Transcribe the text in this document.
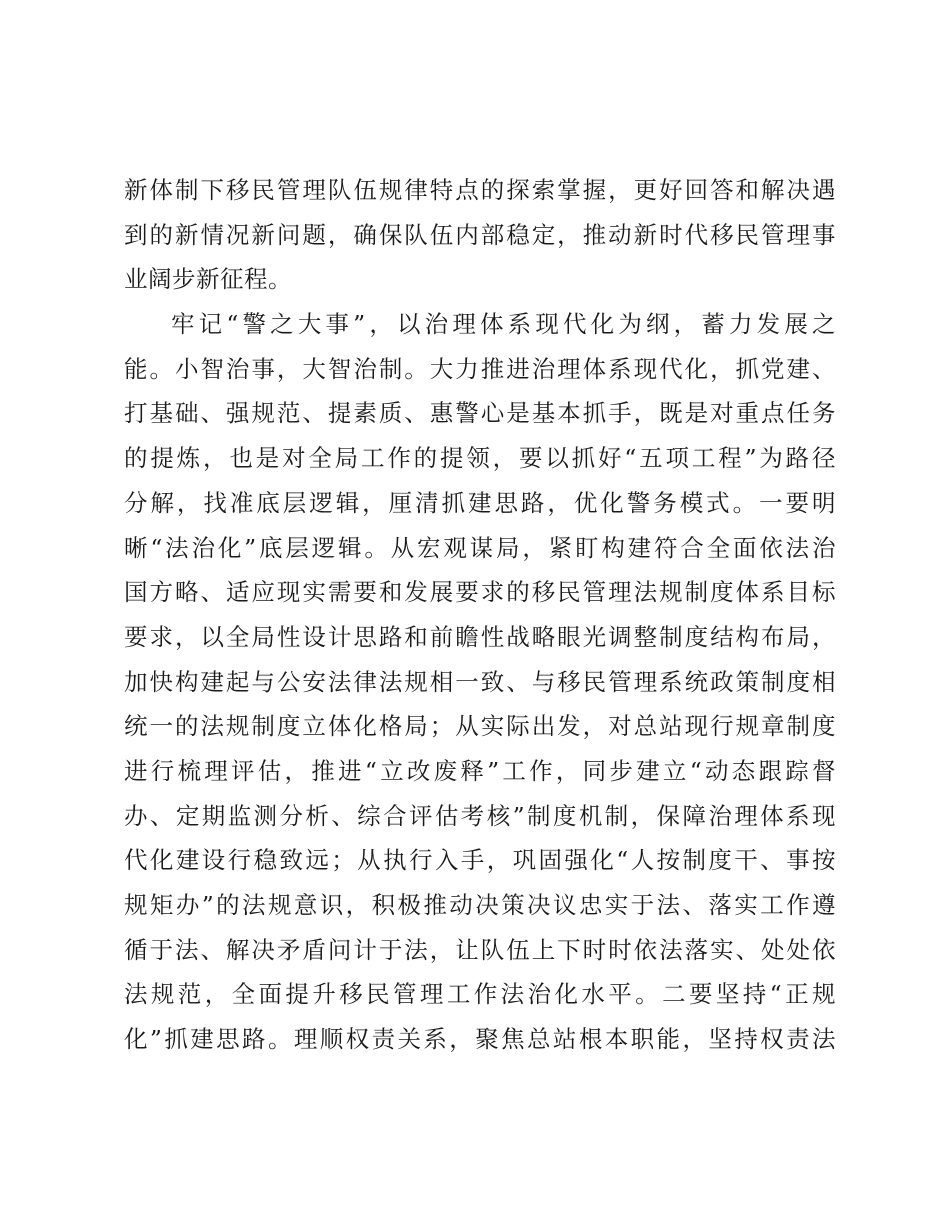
新体制下移民管理队伍规律特点的探索掌握，更好回答和解决遇
到的新情况新问题，确保队伍内部稳定，推动新时代移民管理事
业阔步新征程。
牢记“警之大事”，以治理体系现代化为纲，蓄力发展之
能。小智治事，大智治制。大力推进治理体系现代化，抓党建、
打基础、强规范、提素质、惠警心是基本抓手，既是对重点任务
的提炼，也是对全局工作的提领，要以抓好“五项工程”为路径
分解，找准底层逻辑，厘清抓建思路，优化警务模式。一要明
晰“法治化”底层逻辑。从宏观谋局，紧盯构建符合全面依法治
国方略、适应现实需要和发展要求的移民管理法规制度体系目标
要求，以全局性设计思路和前瞻性战略眼光调整制度结构布局，
加快构建起与公安法律法规相一致、与移民管理系统政策制度相
统一的法规制度立体化格局；从实际出发，对总站现行规章制度
进行梳理评估，推进“立改废释”工作，同步建立“动态跟踪督
办、定期监测分析、综合评估考核”制度机制，保障治理体系现
代化建设行稳致远；从执行入手，巩固强化“人按制度干、事按
规矩办”的法规意识，积极推动决策决议忠实于法、落实工作遵
循于法、解决矛盾问计于法，让队伍上下时时依法落实、处处依
法规范，全面提升移民管理工作法治化水平。二要坚持“正规
化”抓建思路。理顺权责关系，聚焦总站根本职能，坚持权责法
